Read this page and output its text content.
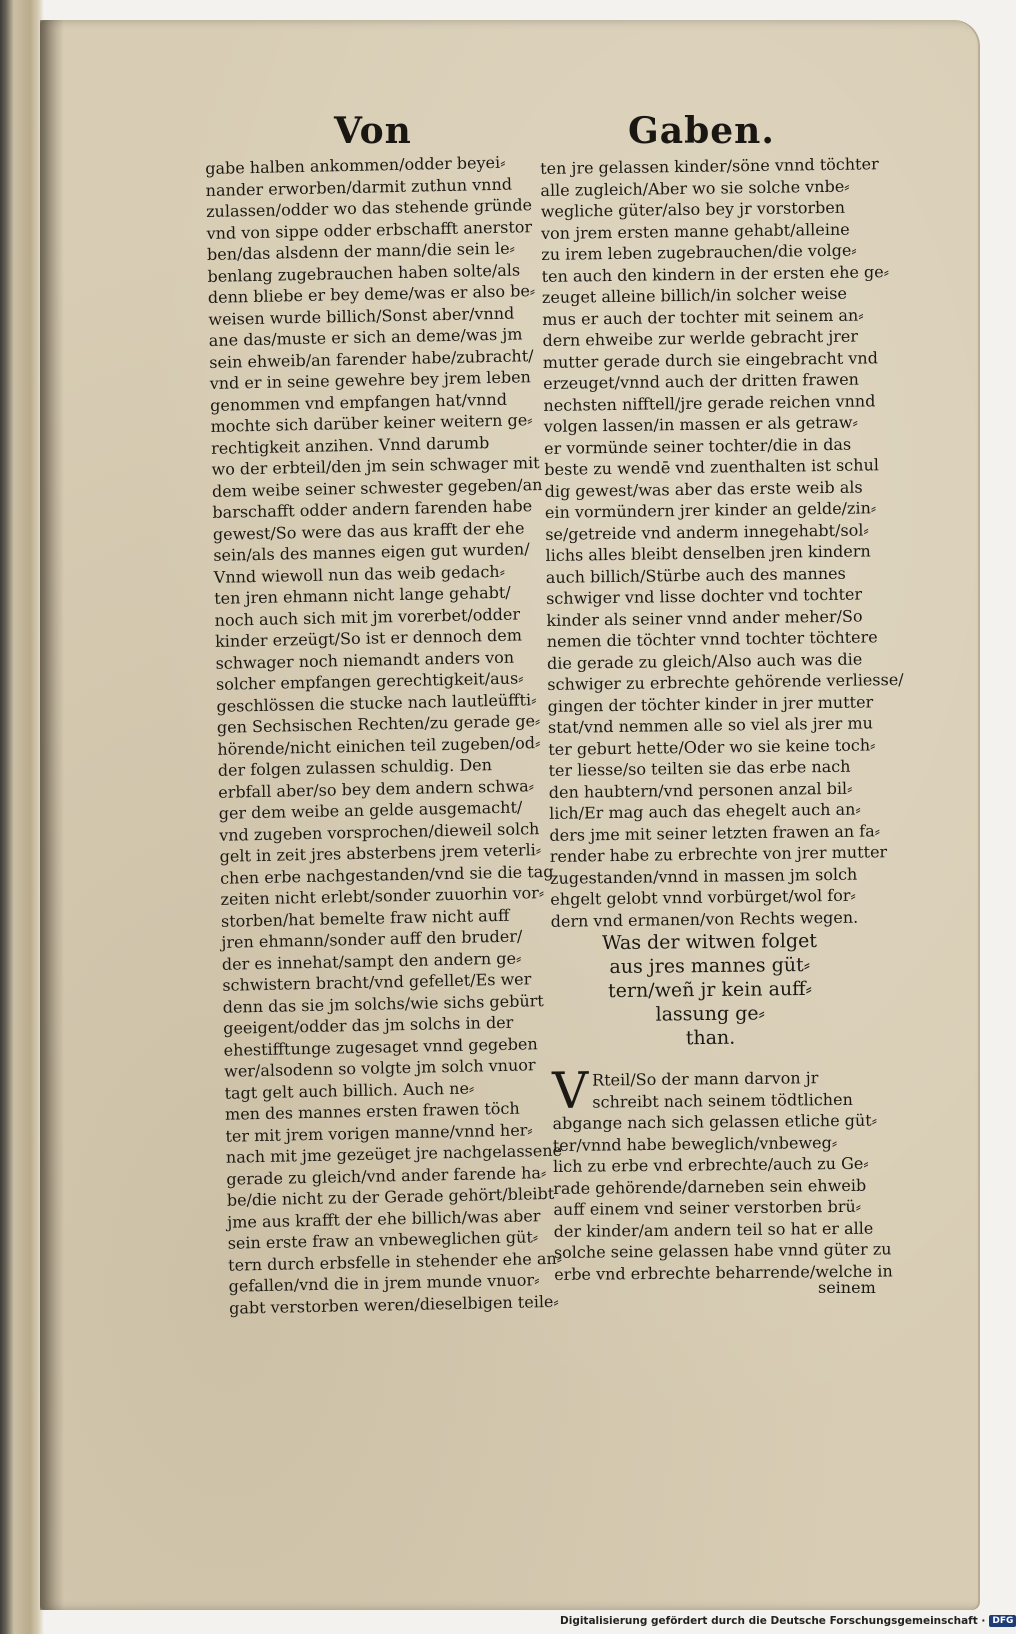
Von	Gaben.
gabe halben ankommen/odder beyei⸗
nander erworben/darmit zuthun vnnd
zulassen/odder wo das stehende gründe
vnd von sippe odder erbschafft anerstor
ben/das alsdenn der mann/die sein le⸗
benlang zugebrauchen haben solte/als
denn bliebe er bey deme/was er also be⸗
weisen wurde billich/Sonst aber/vnnd
ane das/muste er sich an deme/was jm
sein ehweib/an farender habe/zubracht/
vnd er in seine gewehre bey jrem leben
genommen vnd empfangen hat/vnnd
mochte sich darüber keiner weitern ge⸗
rechtigkeit anzihen. Vnnd darumb
wo der erbteil/den jm sein schwager mit
dem weibe seiner schwester gegeben/an
barschafft odder andern farenden habe
gewest/So were das aus krafft der ehe
sein/als des mannes eigen gut wurden/
Vnnd wiewoll nun das weib gedach⸗
ten jren ehmann nicht lange gehabt/
noch auch sich mit jm vorerbet/odder
kinder erzeügt/So ist er dennoch dem
schwager noch niemandt anders von
solcher empfangen gerechtigkeit/aus⸗
geschlössen die stucke nach lautleüffti⸗
gen Sechsischen Rechten/zu gerade ge⸗
hörende/nicht einichen teil zugeben/od⸗
der folgen zulassen schuldig. Den
erbfall aber/so bey dem andern schwa⸗
ger dem weibe an gelde ausgemacht/
vnd zugeben vorsprochen/dieweil solch
gelt in zeit jres absterbens jrem veterli⸗
chen erbe nachgestanden/vnd sie die tag
zeiten nicht erlebt/sonder zuuorhin vor⸗
storben/hat bemelte fraw nicht auff
jren ehmann/sonder auff den bruder/
der es innehat/sampt den andern ge⸗
schwistern bracht/vnd gefellet/Es wer
denn das sie jm solchs/wie sichs gebürt
geeigent/odder das jm solchs in der
ehestifftunge zugesaget vnnd gegeben
wer/alsodenn so volgte jm solch vnuor
tagt gelt auch billich. Auch ne⸗
men des mannes ersten frawen töch
ter mit jrem vorigen manne/vnnd her⸗
nach mit jme gezeüget jre nachgelassene
gerade zu gleich/vnd ander farende ha⸗
be/die nicht zu der Gerade gehört/bleibt
jme aus krafft der ehe billich/was aber
sein erste fraw an vnbeweglichen güt⸗
tern durch erbsfelle in stehender ehe an⸗
gefallen/vnd die in jrem munde vnuor⸗
gabt verstorben weren/dieselbigen teile⸗
ten jre gelassen kinder/söne vnnd töchter
alle zugleich/Aber wo sie solche vnbe⸗
wegliche güter/also bey jr vorstorben
von jrem ersten manne gehabt/alleine
zu irem leben zugebrauchen/die volge⸗
ten auch den kindern in der ersten ehe ge⸗
zeuget alleine billich/in solcher weise
mus er auch der tochter mit seinem an⸗
dern ehweibe zur werlde gebracht jrer
mutter gerade durch sie eingebracht vnd
erzeuget/vnnd auch der dritten frawen
nechsten nifftell/jre gerade reichen vnnd
volgen lassen/in massen er als getraw⸗
er vormünde seiner tochter/die in das
beste zu wendē vnd zuenthalten ist schul
dig gewest/was aber das erste weib als
ein vormündern jrer kinder an gelde/zin⸗
se/getreide vnd anderm innegehabt/sol⸗
lichs alles bleibt denselben jren kindern
auch billich/Stürbe auch des mannes
schwiger vnd lisse dochter vnd tochter
kinder als seiner vnnd ander meher/So
nemen die töchter vnnd tochter töchtere
die gerade zu gleich/Also auch was die
schwiger zu erbrechte gehörende verliesse/
gingen der töchter kinder in jrer mutter
stat/vnd nemmen alle so viel als jrer mu
ter geburt hette/Oder wo sie keine toch⸗
ter liesse/so teilten sie das erbe nach
den haubtern/vnd personen anzal bil⸗
lich/Er mag auch das ehegelt auch an⸗
ders jme mit seiner letzten frawen an fa⸗
render habe zu erbrechte von jrer mutter
zugestanden/vnnd in massen jm solch
ehgelt gelobt vnnd vorbürget/wol for⸗
dern vnd ermanen/von Rechts wegen.
Was der witwen folget
aus jres mannes güt⸗
tern/weñ jr kein auff⸗
lassung ge⸗
than.
V Rteil/So der mann darvon jr
schreibt nach seinem tödtlichen
abgange nach sich gelassen etliche güt⸗
ter/vnnd habe beweglich/vnbeweg⸗
lich zu erbe vnd erbrechte/auch zu Ge⸗
rade gehörende/darneben sein ehweib
auff einem vnd seiner verstorben brü⸗
der kinder/am andern teil so hat er alle
solche seine gelassen habe vnnd güter zu
erbe vnd erbrechte beharrende/welche in
seinem
Digitalisierung gefördert durch die Deutsche Forschungsgemeinschaft · DFG
